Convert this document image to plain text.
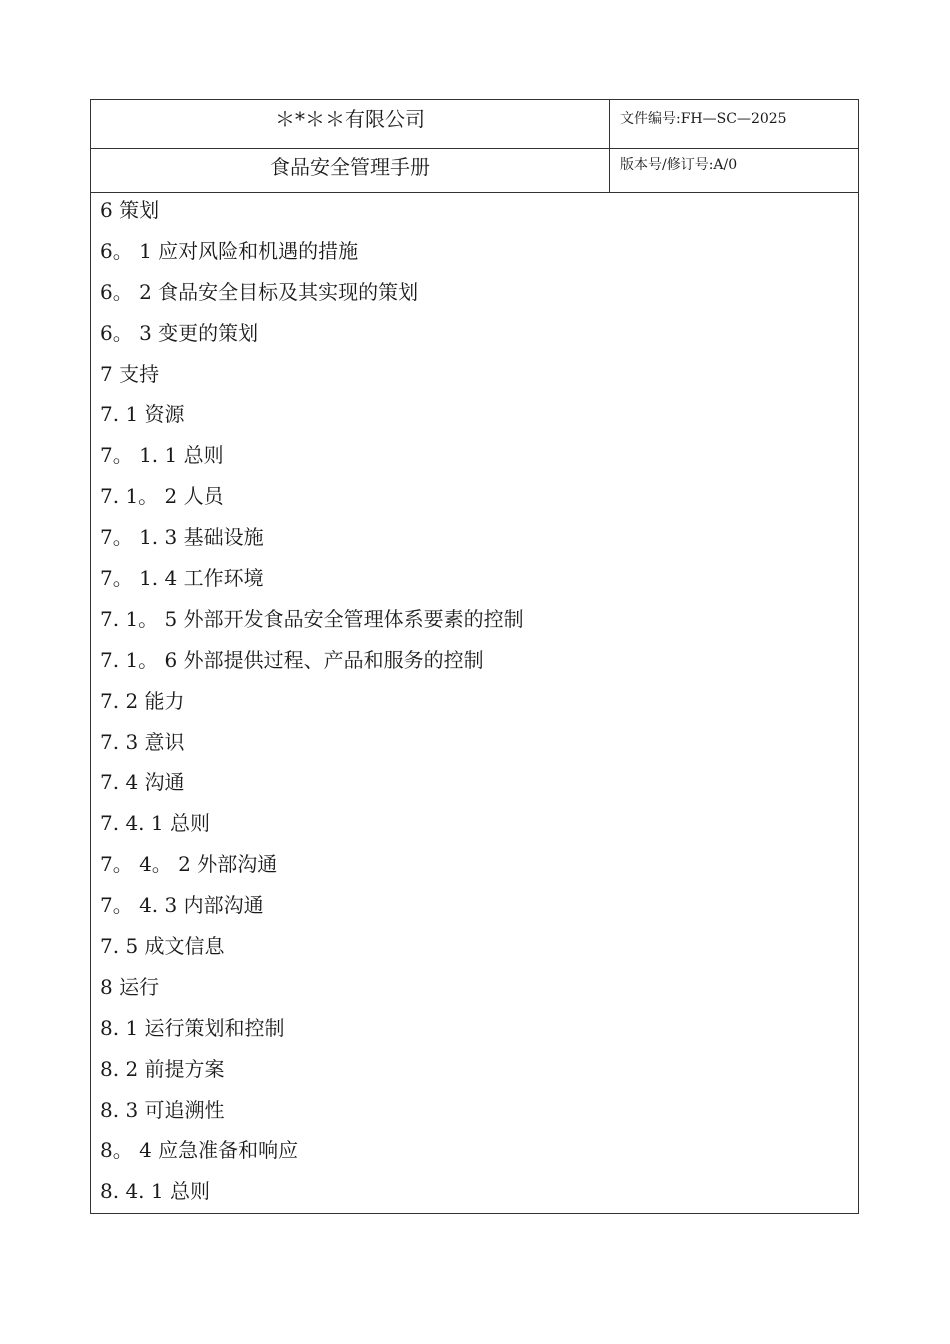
＊*＊＊有限公司	文件编号:FH—SC—2025
食品安全管理手册	版本号/修订号:A/0
6 策划
6。 1 应对风险和机遇的措施
6。 2 食品安全目标及其实现的策划
6。 3 变更的策划
7 支持
7. 1 资源
7。 1. 1 总则
7. 1。 2 人员
7。 1. 3 基础设施
7。 1. 4 工作环境
7. 1。 5 外部开发食品安全管理体系要素的控制
7. 1。 6 外部提供过程、产品和服务的控制
7. 2 能力
7. 3 意识
7. 4 沟通
7. 4. 1 总则
7。 4。 2 外部沟通
7。 4. 3 内部沟通
7. 5 成文信息
8 运行
8. 1 运行策划和控制
8. 2 前提方案
8. 3 可追溯性
8。 4 应急准备和响应
8. 4. 1 总则
